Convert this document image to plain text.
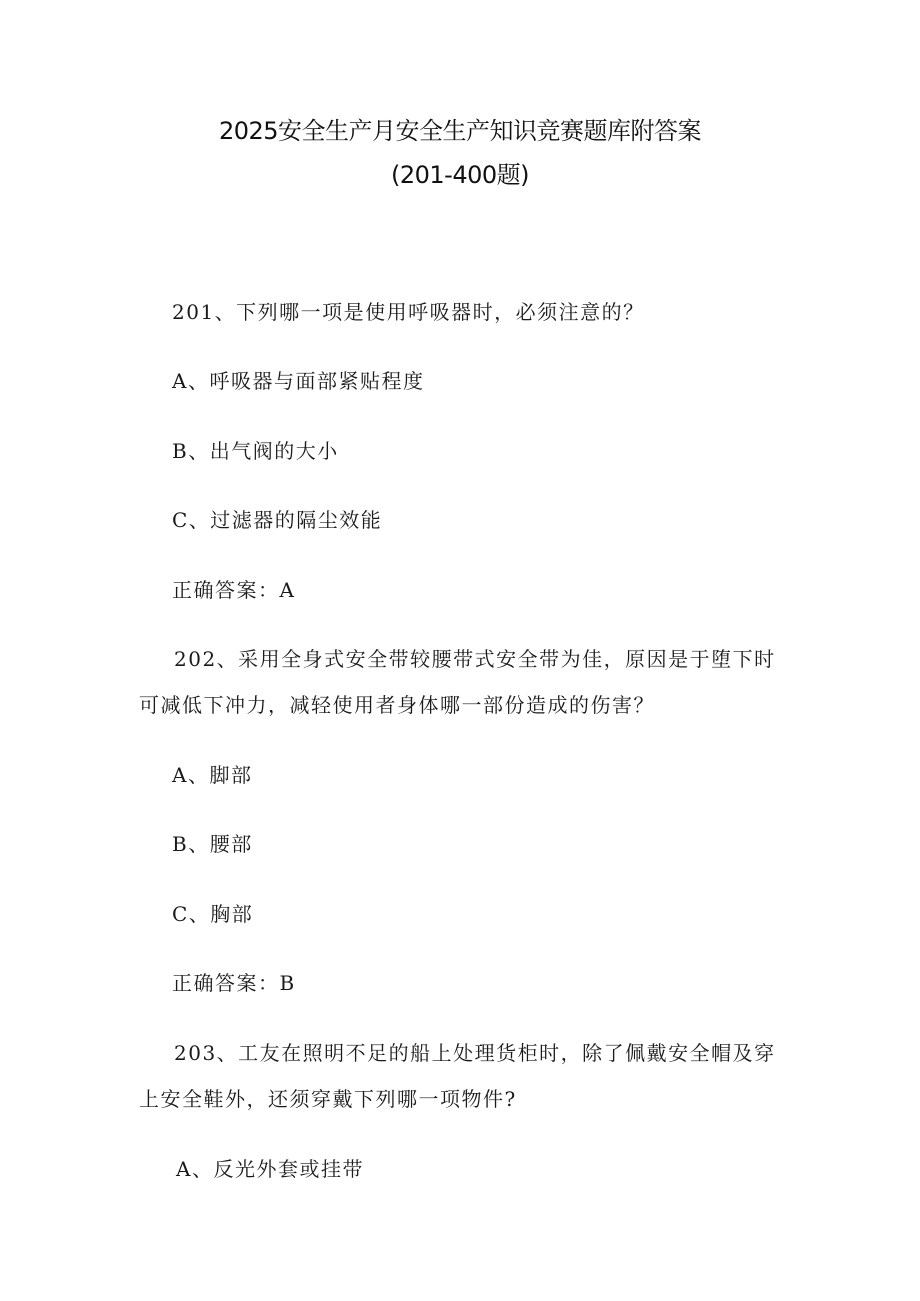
2025安全生产月安全生产知识竞赛题库附答案
(201-400题)
201、下列哪一项是使用呼吸器时，必须注意的？
A、呼吸器与面部紧贴程度
B、出气阀的大小
C、过滤器的隔尘效能
正确答案：A
202、采用全身式安全带较腰带式安全带为佳，原因是于堕下时
可减低下冲力，减轻使用者身体哪一部份造成的伤害？
A、脚部
B、腰部
C、胸部
正确答案：B
203、工友在照明不足的船上处理货柜时，除了佩戴安全帽及穿
上安全鞋外，还须穿戴下列哪一项物件?
A、反光外套或挂带
